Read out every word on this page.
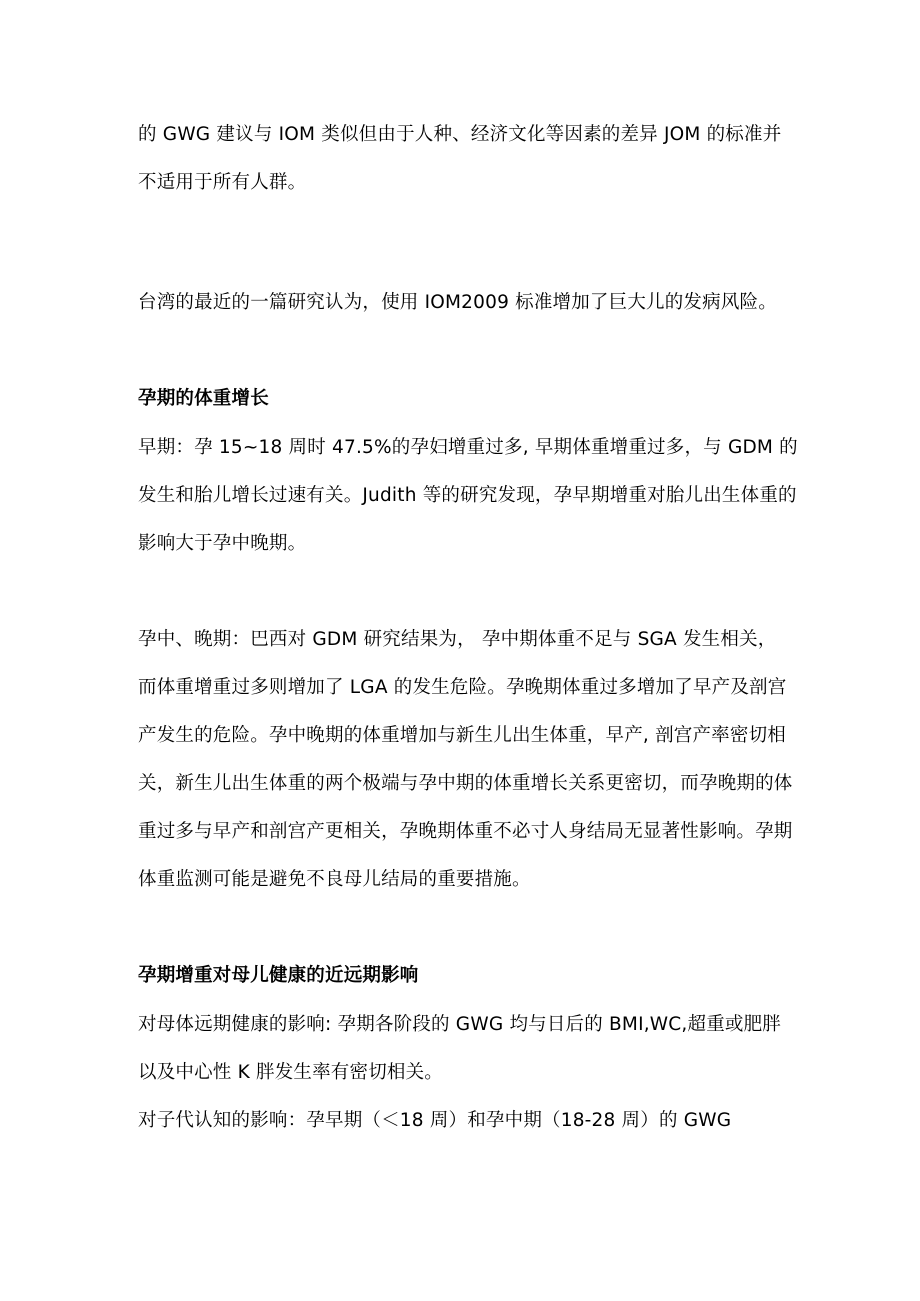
的 GWG 建议与 IOM 类似但由于人种、经济文化等因素的差异 JOM 的标准并
不适用于所有人群。
台湾的最近的一篇研究认为，使用 IOM2009 标准增加了巨大儿的发病风险。
孕期的体重增长
早期：孕 15~18 周时 47.5%的孕妇增重过多, 早期体重增重过多，与 GDM 的
发生和胎儿增长过速有关。Judith 等的研究发现，孕早期增重对胎儿出生体重的
影响大于孕中晚期。
孕中、晚期：巴西对 GDM 研究结果为， 孕中期体重不足与 SGA 发生相关，
而体重增重过多则增加了 LGA 的发生危险。孕晚期体重过多增加了早产及剖宫
产发生的危险。孕中晚期的体重增加与新生儿出生体重，早产, 剖宫产率密切相
关，新生儿出生体重的两个极端与孕中期的体重增长关系更密切，而孕晚期的体
重过多与早产和剖宫产更相关，孕晚期体重不必寸人身结局无显著性影响。孕期
体重监测可能是避免不良母儿结局的重要措施。
孕期增重对母儿健康的近远期影响
对母体远期健康的影响: 孕期各阶段的 GWG 均与日后的 BMI,WC,超重或肥胖
以及中心性 K 胖发生率有密切相关。
对子代认知的影响：孕早期（＜18 周）和孕中期（18-28 周）的 GWG
